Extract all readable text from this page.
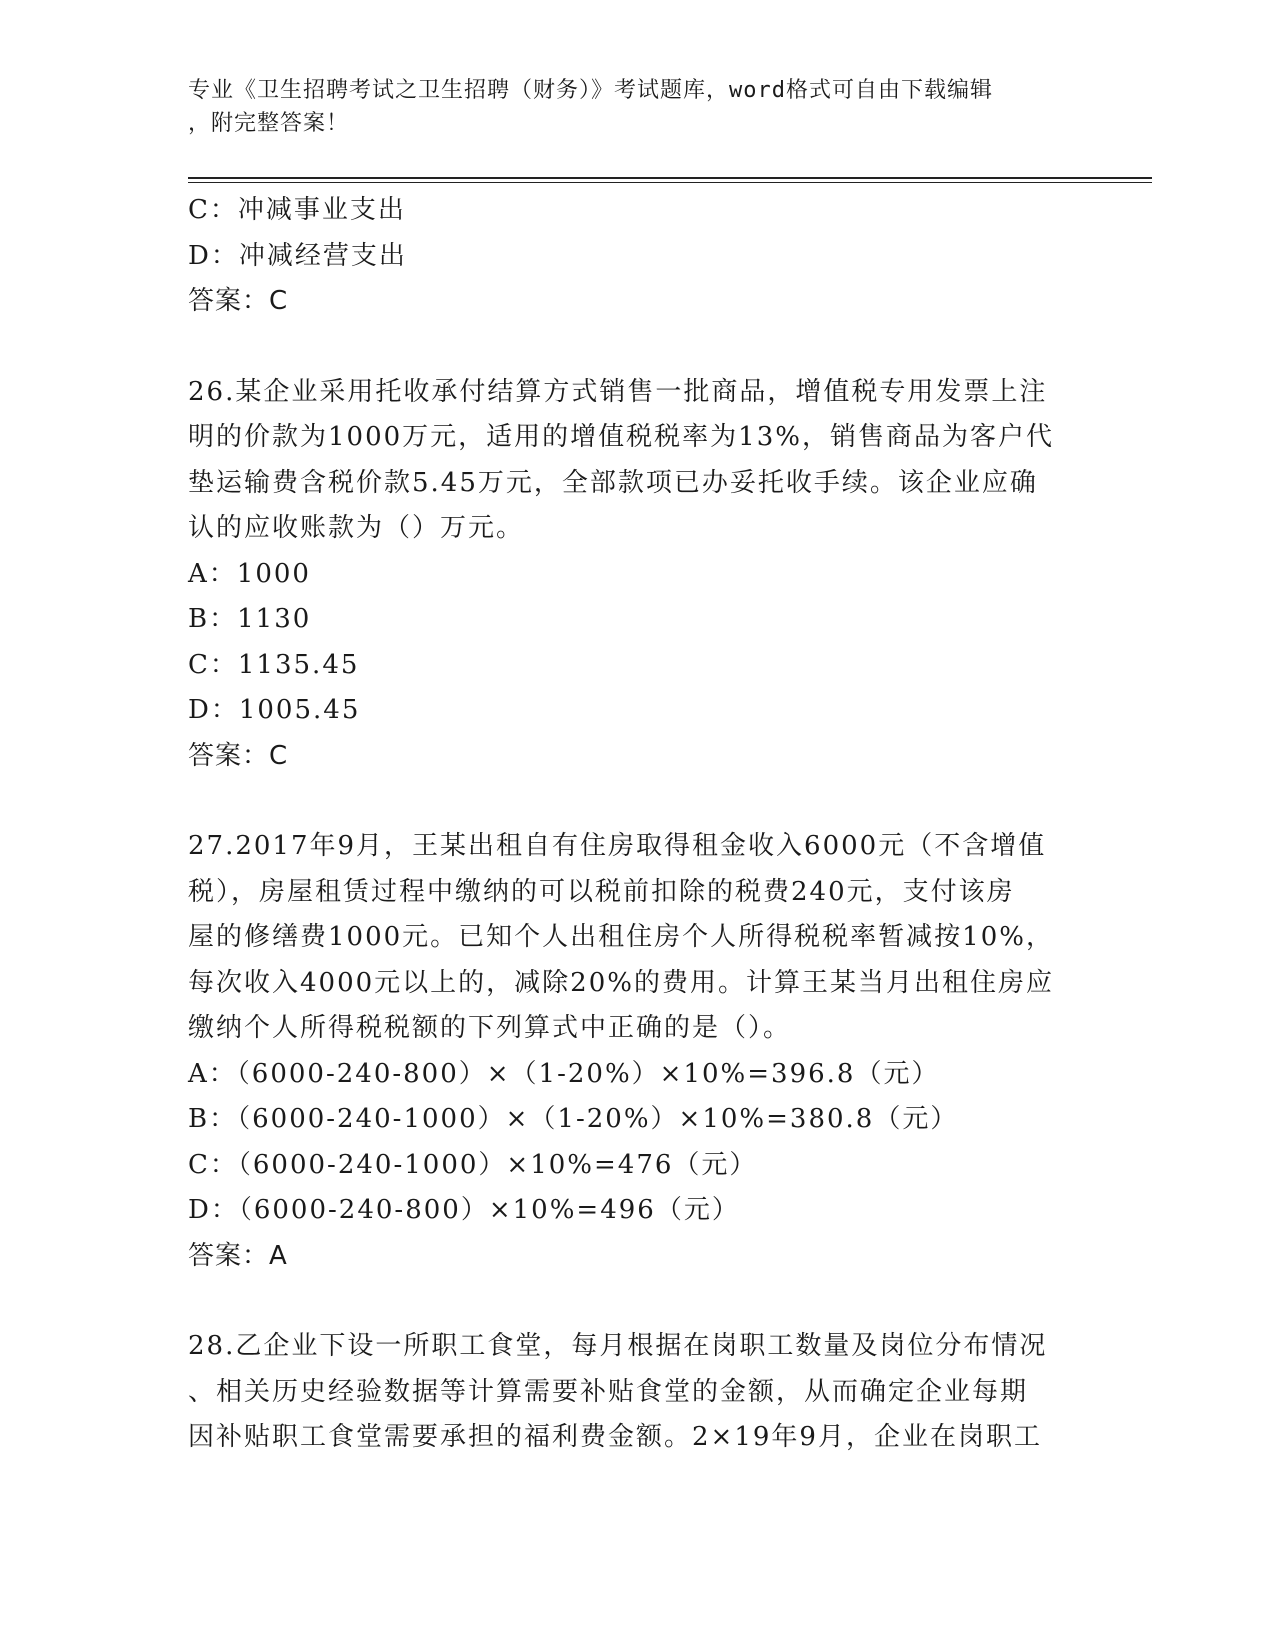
专业《卫生招聘考试之卫生招聘（财务）》考试题库，word格式可自由下载编辑
，附完整答案！
C：冲减事业支出
D：冲减经营支出
答案：C
26.某企业采用托收承付结算方式销售一批商品，增值税专用发票上注
明的价款为1000万元，适用的增值税税率为13%，销售商品为客户代
垫运输费含税价款5.45万元，全部款项已办妥托收手续。该企业应确
认的应收账款为（）万元。
A：1000
B：1130
C：1135.45
D：1005.45
答案：C
27.2017年9月，王某出租自有住房取得租金收入6000元（不含增值
税），房屋租赁过程中缴纳的可以税前扣除的税费240元，支付该房
屋的修缮费1000元。已知个人出租住房个人所得税税率暂减按10%，
每次收入4000元以上的，减除20%的费用。计算王某当月出租住房应
缴纳个人所得税税额的下列算式中正确的是（）。
A：（6000-240-800）×（1-20%）×10%=396.8（元）
B：（6000-240-1000）×（1-20%）×10%=380.8（元）
C：（6000-240-1000）×10%=476（元）
D：（6000-240-800）×10%=496（元）
答案：A
28.乙企业下设一所职工食堂，每月根据在岗职工数量及岗位分布情况
、相关历史经验数据等计算需要补贴食堂的金额，从而确定企业每期
因补贴职工食堂需要承担的福利费金额。2×19年9月，企业在岗职工
